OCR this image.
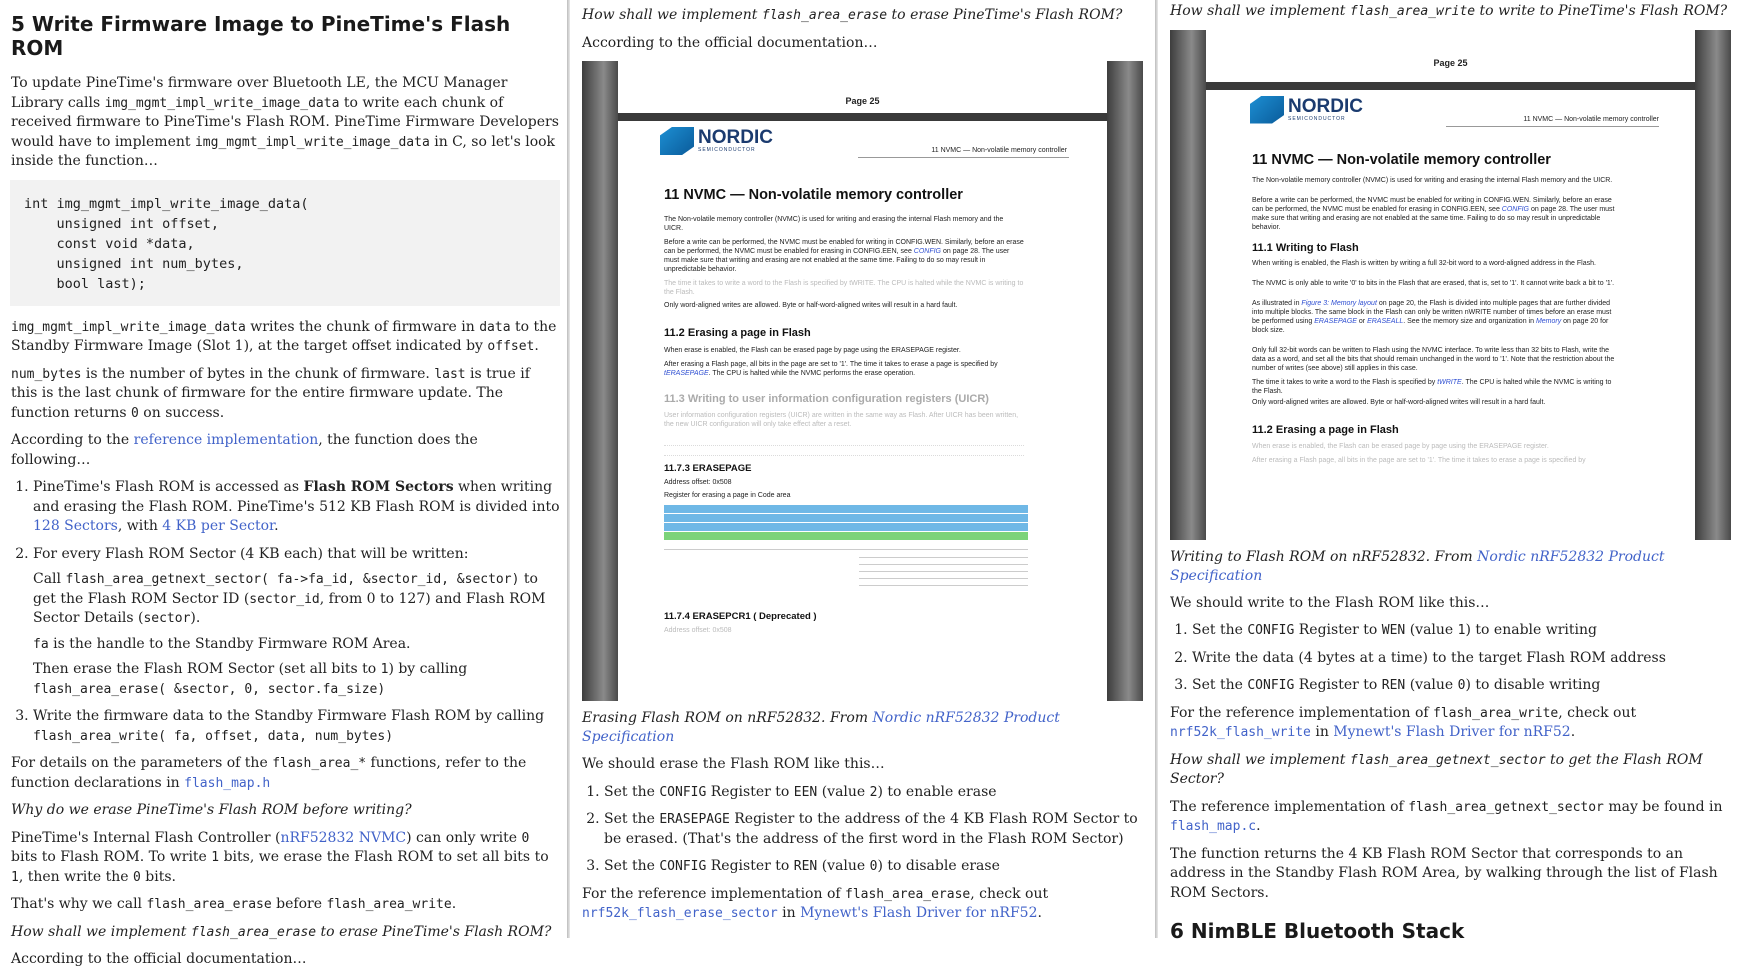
5 Write Firmware Image to PineTime's Flash ROM

To update PineTime's firmware over Bluetooth LE, the MCU Manager Library calls img_mgmt_impl_write_image_data to write each chunk of received firmware to PineTime's Flash ROM. PineTime Firmware Developers would have to implement img_mgmt_impl_write_image_data in C, so let's look inside the function…

int img_mgmt_impl_write_image_data(
unsigned int offset,
const void *data,
unsigned int num_bytes,
bool last);

img_mgmt_impl_write_image_data writes the chunk of firmware in data to the Standby Firmware Image (Slot 1), at the target offset indicated by offset.

num_bytes is the number of bytes in the chunk of firmware. last is true if this is the last chunk of firmware for the entire firmware update. The function returns 0 on success.

According to the reference implementation, the function does the following…

1. PineTime's Flash ROM is accessed as Flash ROM Sectors when writing and erasing the Flash ROM. PineTime's 512 KB Flash ROM is divided into 128 Sectors, with 4 KB per Sector.
2. For every Flash ROM Sector (4 KB each) that will be written:

Call flash_area_getnext_sector( fa->fa_id, &sector_id, &sector) to get the Flash ROM Sector ID (sector_id, from 0 to 127) and Flash ROM Sector Details (sector).

fa is the handle to the Standby Firmware ROM Area.

Then erase the Flash ROM Sector (set all bits to 1) by calling flash_area_erase( &sector, 0, sector.fa_size)

3. Write the firmware data to the Standby Firmware Flash ROM by calling flash_area_write( fa, offset, data, num_bytes)

For details on the parameters of the flash_area_* functions, refer to the function declarations in flash_map.h

Why do we erase PineTime's Flash ROM before writing?

PineTime's Internal Flash Controller (nRF52832 NVMC) can only write 0 bits to Flash ROM. To write 1 bits, we erase the Flash ROM to set all bits to 1, then write the 0 bits.

That's why we call flash_area_erase before flash_area_write.

How shall we implement flash_area_erase to erase PineTime's Flash ROM?

According to the official documentation…

How shall we implement flash_area_erase to erase PineTime's Flash ROM?

According to the official documentation…

Page 25
NORDIC
SEMICONDUCTOR	11 NVMC — Non-volatile memory controller
11 NVMC — Non-volatile memory controller
The Non-volatile memory controller (NVMC) is used for writing and erasing the internal Flash memory and the UICR.
Before a write can be performed, the NVMC must be enabled for writing in CONFIG.WEN. Similarly, before an erase can be performed, the NVMC must be enabled for erasing in CONFIG.EEN, see CONFIG on page 28. The user must make sure that writing and erasing are not enabled at the same time. Failing to do so may result in unpredictable behavior.
The time it takes to write a word to the Flash is specified by tWRITE. The CPU is halted while the NVMC is writing to the Flash.
Only word-aligned writes are allowed. Byte or half-word-aligned writes will result in a hard fault.
11.2 Erasing a page in Flash
When erase is enabled, the Flash can be erased page by page using the ERASEPAGE register.
After erasing a Flash page, all bits in the page are set to '1'. The time it takes to erase a page is specified by tERASEPAGE. The CPU is halted while the NVMC performs the erase operation.
11.3 Writing to user information configuration registers (UICR)
User information configuration registers (UICR) are written in the same way as Flash. After UICR has been written, the new UICR configuration will only take effect after a reset.
11.7.3 ERASEPAGE
Address offset: 0x508
Register for erasing a page in Code area
11.7.4 ERASEPCR1 ( Deprecated )
Address offset: 0x508
Erasing Flash ROM on nRF52832. From Nordic nRF52832 Product Specification

We should erase the Flash ROM like this…

1. Set the CONFIG Register to EEN (value 2) to enable erase
2. Set the ERASEPAGE Register to the address of the 4 KB Flash ROM Sector to be erased. (That's the address of the first word in the Flash ROM Sector)
3. Set the CONFIG Register to REN (value 0) to disable erase

For the reference implementation of flash_area_erase, check out

nrf52k_flash_erase_sector in Mynewt's Flash Driver for nRF52.

How shall we implement flash_area_write to write to PineTime's Flash ROM?

Page 25
NORDIC
SEMICONDUCTOR	11 NVMC — Non-volatile memory controller
11 NVMC — Non-volatile memory controller
The Non-volatile memory controller (NVMC) is used for writing and erasing the internal Flash memory and the UICR.
Before a write can be performed, the NVMC must be enabled for writing in CONFIG.WEN. Similarly, before an erase can be performed, the NVMC must be enabled for erasing in CONFIG.EEN, see CONFIG on page 28. The user must make sure that writing and erasing are not enabled at the same time. Failing to do so may result in unpredictable behavior.
11.1 Writing to Flash
When writing is enabled, the Flash is written by writing a full 32-bit word to a word-aligned address in the Flash.
The NVMC is only able to write '0' to bits in the Flash that are erased, that is, set to '1'. It cannot write back a bit to '1'.
As illustrated in Figure 3: Memory layout on page 20, the Flash is divided into multiple pages that are further divided into multiple blocks. The same block in the Flash can only be written nWRITE number of times before an erase must be performed using ERASEPAGE or ERASEALL. See the memory size and organization in Memory on page 20 for block size.
Only full 32-bit words can be written to Flash using the NVMC interface. To write less than 32 bits to Flash, write the data as a word, and set all the bits that should remain unchanged in the word to '1'. Note that the restriction about the number of writes (see above) still applies in this case.
The time it takes to write a word to the Flash is specified by tWRITE. The CPU is halted while the NVMC is writing to the Flash.
Only word-aligned writes are allowed. Byte or half-word-aligned writes will result in a hard fault.
11.2 Erasing a page in Flash
When erase is enabled, the Flash can be erased page by page using the ERASEPAGE register.
After erasing a Flash page, all bits in the page are set to '1'. The time it takes to erase a page is specified by
Writing to Flash ROM on nRF52832. From Nordic nRF52832 Product Specification

We should write to the Flash ROM like this…

1. Set the CONFIG Register to WEN (value 1) to enable writing
2. Write the data (4 bytes at a time) to the target Flash ROM address
3. Set the CONFIG Register to REN (value 0) to disable writing

For the reference implementation of flash_area_write, check out nrf52k_flash_write in Mynewt's Flash Driver for nRF52.

How shall we implement flash_area_getnext_sector to get the Flash ROM Sector?

The reference implementation of flash_area_getnext_sector may be found in flash_map.c.

The function returns the 4 KB Flash ROM Sector that corresponds to an address in the Standby Flash ROM Area, by walking through the list of Flash ROM Sectors.

6 NimBLE Bluetooth Stack
